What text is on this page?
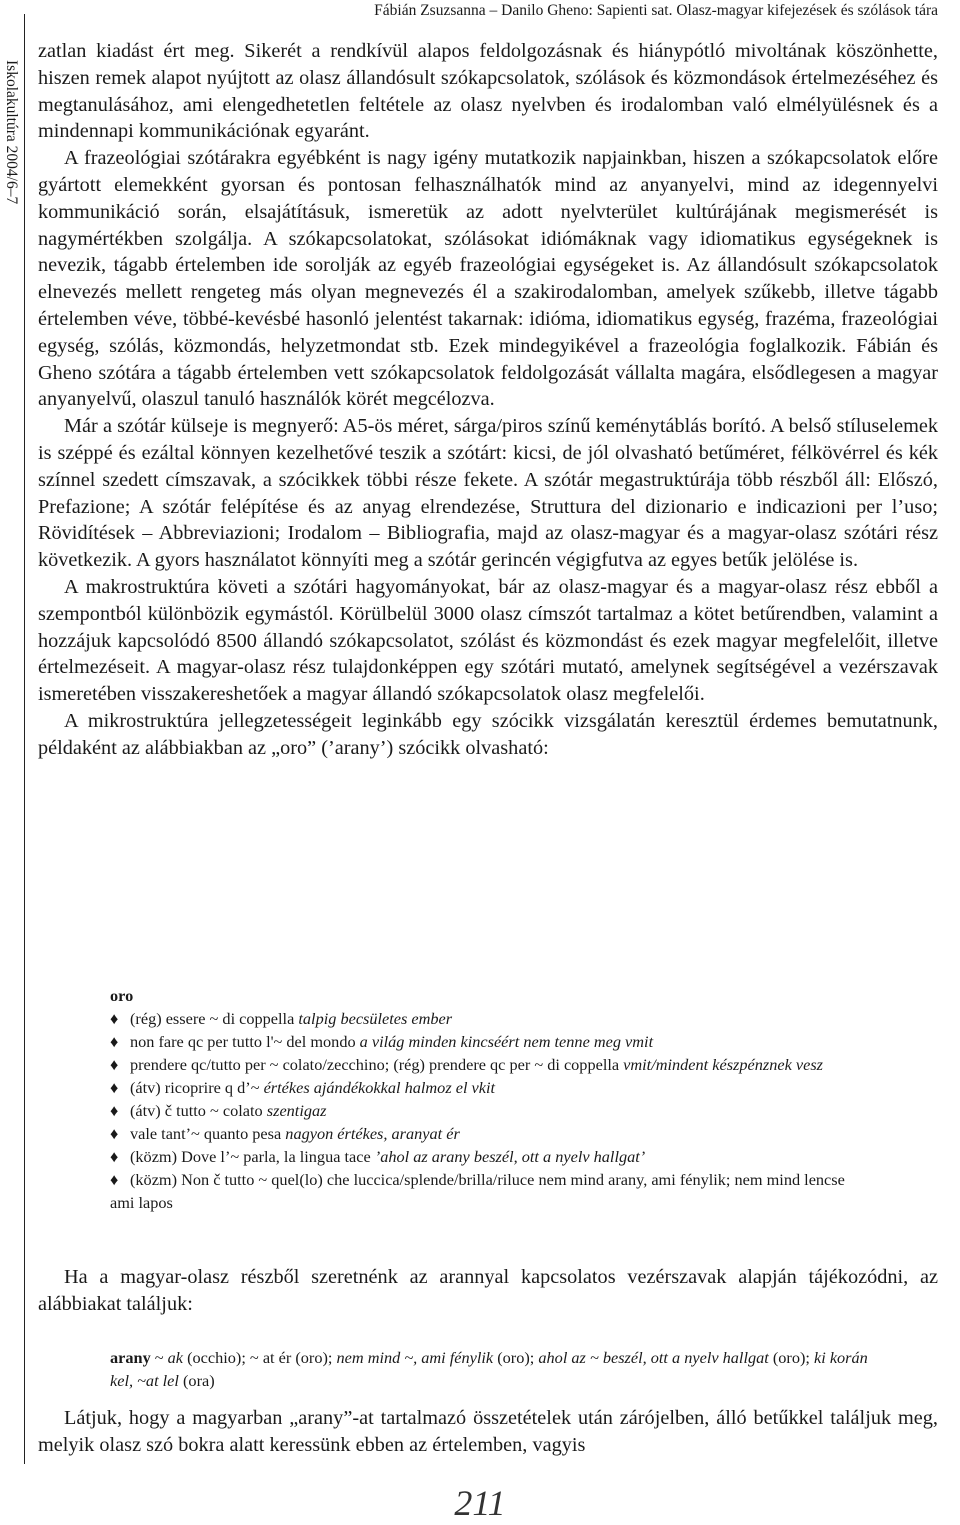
Fábián Zsuzsanna – Danilo Gheno: Sapienti sat. Olasz-magyar kifejezések és szólások tára
Iskolakultúra 2004/6–7

zatlan kiadást ért meg. Sikerét a rendkívül alapos feldolgozásnak és hiánypótló mivoltának köszönhette, hiszen remek alapot nyújtott az olasz állandósult szókapcsolatok, szólások és közmondások értelmezéséhez és megtanulásához, ami elengedhetetlen feltétele az olasz nyelvben és irodalomban való elmélyülésnek és a mindennapi kommunikációnak egyaránt.

A frazeológiai szótárakra egyébként is nagy igény mutatkozik napjainkban, hiszen a szókapcsolatok előre gyártott elemekként gyorsan és pontosan felhasználhatók mind az anyanyelvi, mind az idegennyelvi kommunikáció során, elsajátításuk, ismeretük az adott nyelvterület kultúrájának megismerését is nagymértékben szolgálja. A szókapcsolatokat, szólásokat idiómáknak vagy idiomatikus egységeknek is nevezik, tágabb értelemben ide sorolják az egyéb frazeológiai egységeket is. Az állandósult szókapcsolatok elnevezés mellett rengeteg más olyan megnevezés él a szakirodalomban, amelyek szűkebb, illetve tágabb értelemben véve, többé-kevésbé hasonló jelentést takarnak: idióma, idiomatikus egység, frazéma, frazeológiai egység, szólás, közmondás, helyzetmondat stb. Ezek mindegyikével a frazeológia foglalkozik. Fábián és Gheno szótára a tágabb értelemben vett szókapcsolatok feldolgozását vállalta magára, elsődlegesen a magyar anyanyelvű, olaszul tanuló használók körét megcélozva.

Már a szótár külseje is megnyerő: A5-ös méret, sárga/piros színű keménytáblás borító. A belső stíluselemek is széppé és ezáltal könnyen kezelhetővé teszik a szótárt: kicsi, de jól olvasható betűméret, félkövérrel és kék színnel szedett címszavak, a szócikkek többi része fekete. A szótár megastruktúrája több részből áll: Előszó, Prefazione; A szótár felépítése és az anyag elrendezése, Struttura del dizionario e indicazioni per l’uso; Rövidítések – Abbreviazioni; Irodalom – Bibliografia, majd az olasz-magyar és a magyar-olasz szótári rész következik. A gyors használatot könnyíti meg a szótár gerincén végigfutva az egyes betűk jelölése is.

A makrostruktúra követi a szótári hagyományokat, bár az olasz-magyar és a magyar-olasz rész ebből a szempontból különbözik egymástól. Körülbelül 3000 olasz címszót tartalmaz a kötet betűrendben, valamint a hozzájuk kapcsolódó 8500 állandó szókapcsolatot, szólást és közmondást és ezek magyar megfelelőit, illetve értelmezéseit. A magyar-olasz rész tulajdonképpen egy szótári mutató, amelynek segítségével a vezérszavak ismeretében visszakereshetőek a magyar állandó szókapcsolatok olasz megfelelői.

A mikrostruktúra jellegzetességeit leginkább egy szócikk vizsgálatán keresztül érdemes bemutatnunk, példaként az alábbiakban az „oro” (’arany’) szócikk olvasható:

oro

♦ (rég) essere ~ di coppella talpig becsületes ember

♦ non fare qc per tutto l'~ del mondo a világ minden kincséért nem tenne meg vmit

♦ prendere qc/tutto per ~ colato/zecchino; (rég) prendere qc per ~ di coppella vmit/mindent készpénznek vesz

♦ (átv) ricoprire q d’~ értékes ajándékokkal halmoz el vkit

♦ (átv) č tutto ~ colato szentigaz

♦ vale tant’~ quanto pesa nagyon értékes, aranyat ér

♦ (közm) Dove l’~ parla, la lingua tace ’ahol az arany beszél, ott a nyelv hallgat’

♦ (közm) Non č tutto ~ quel(lo) che luccica/splende/brilla/riluce nem mind arany, ami fénylik; nem mind lencse ami lapos

Ha a magyar-olasz részből szeretnénk az arannyal kapcsolatos vezérszavak alapján tájékozódni, az alábbiakat találjuk:

arany ~ ak (occhio); ~ at ér (oro); nem mind ~, ami fénylik (oro); ahol az ~ beszél, ott a nyelv hallgat (oro); ki korán kel, ~at lel (ora)

Látjuk, hogy a magyarban „arany”-at tartalmazó összetételek után zárójelben, álló betűkkel találjuk meg, melyik olasz szó bokra alatt keressünk ebben az értelemben, vagyis

211
